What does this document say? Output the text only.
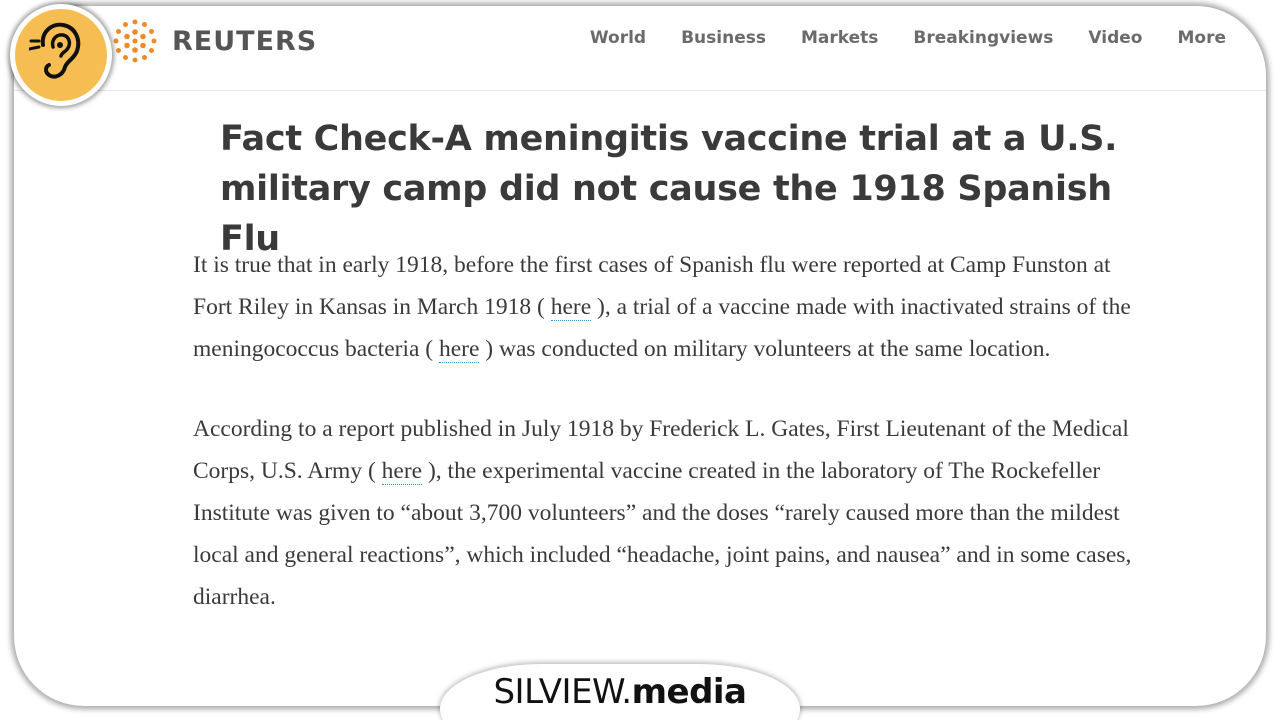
REUTERS	World Business Markets Breakingviews Video More
Fact Check-A meningitis vaccine trial at a U.S.
military camp did not cause the 1918 Spanish Flu

It is true that in early 1918, before the first cases of Spanish flu were reported at Camp Funston at Fort Riley in Kansas in March 1918 ( here ), a trial of a vaccine made with inactivated strains of the meningococcus bacteria ( here ) was conducted on military volunteers at the same location.

According to a report published in July 1918 by Frederick L. Gates, First Lieutenant of the Medical Corps, U.S. Army ( here ), the experimental vaccine created in the laboratory of The Rockefeller Institute was given to “about 3,700 volunteers” and the doses “rarely caused more than the mildest local and general reactions”, which included “headache, joint pains, and nausea” and in some cases, diarrhea.

SILVIEW.media
